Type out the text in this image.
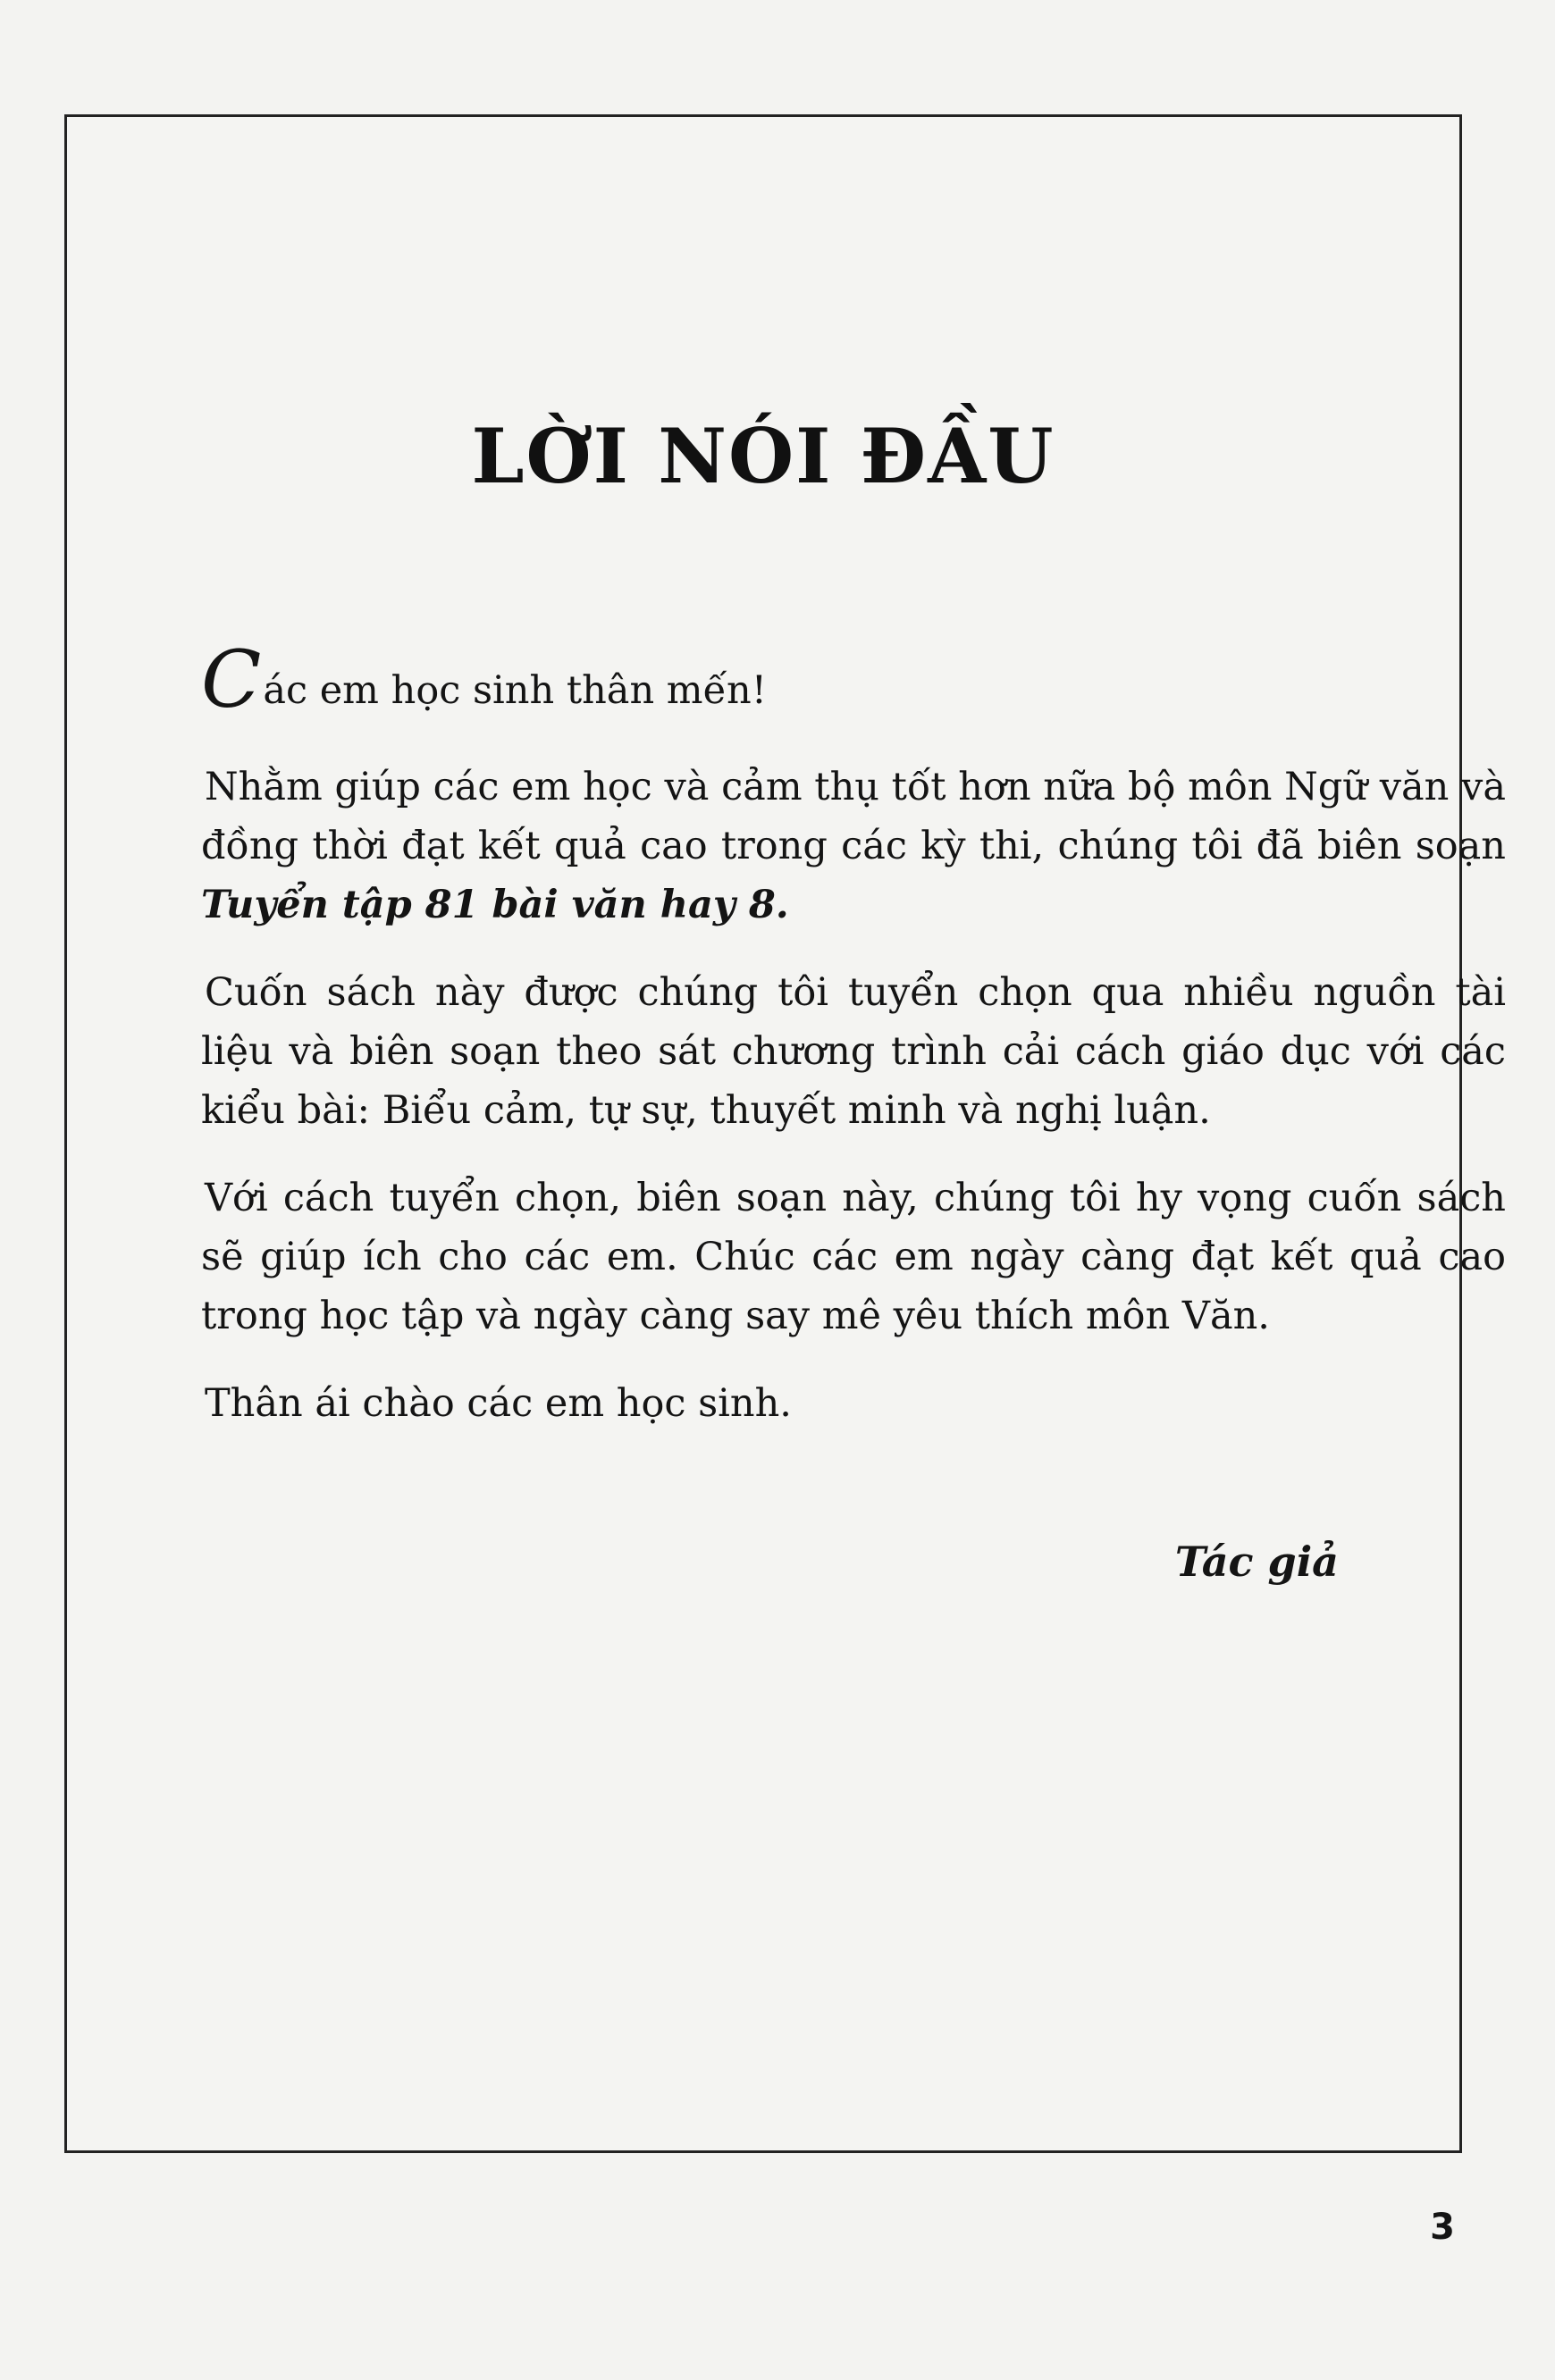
LỜI NÓI ĐẦU

Các em học sinh thân mến!

Nhằm giúp các em học và cảm thụ tốt hơn nữa bộ môn Ngữ văn và đồng thời đạt kết quả cao trong các kỳ thi, chúng tôi đã biên soạn Tuyển tập 81 bài văn hay 8.

Cuốn sách này được chúng tôi tuyển chọn qua nhiều nguồn tài liệu và biên soạn theo sát chương trình cải cách giáo dục với các kiểu bài: Biểu cảm, tự sự, thuyết minh và nghị luận.

Với cách tuyển chọn, biên soạn này, chúng tôi hy vọng cuốn sách sẽ giúp ích cho các em. Chúc các em ngày càng đạt kết quả cao trong học tập và ngày càng say mê yêu thích môn Văn.

Thân ái chào các em học sinh.

Tác giả
3
